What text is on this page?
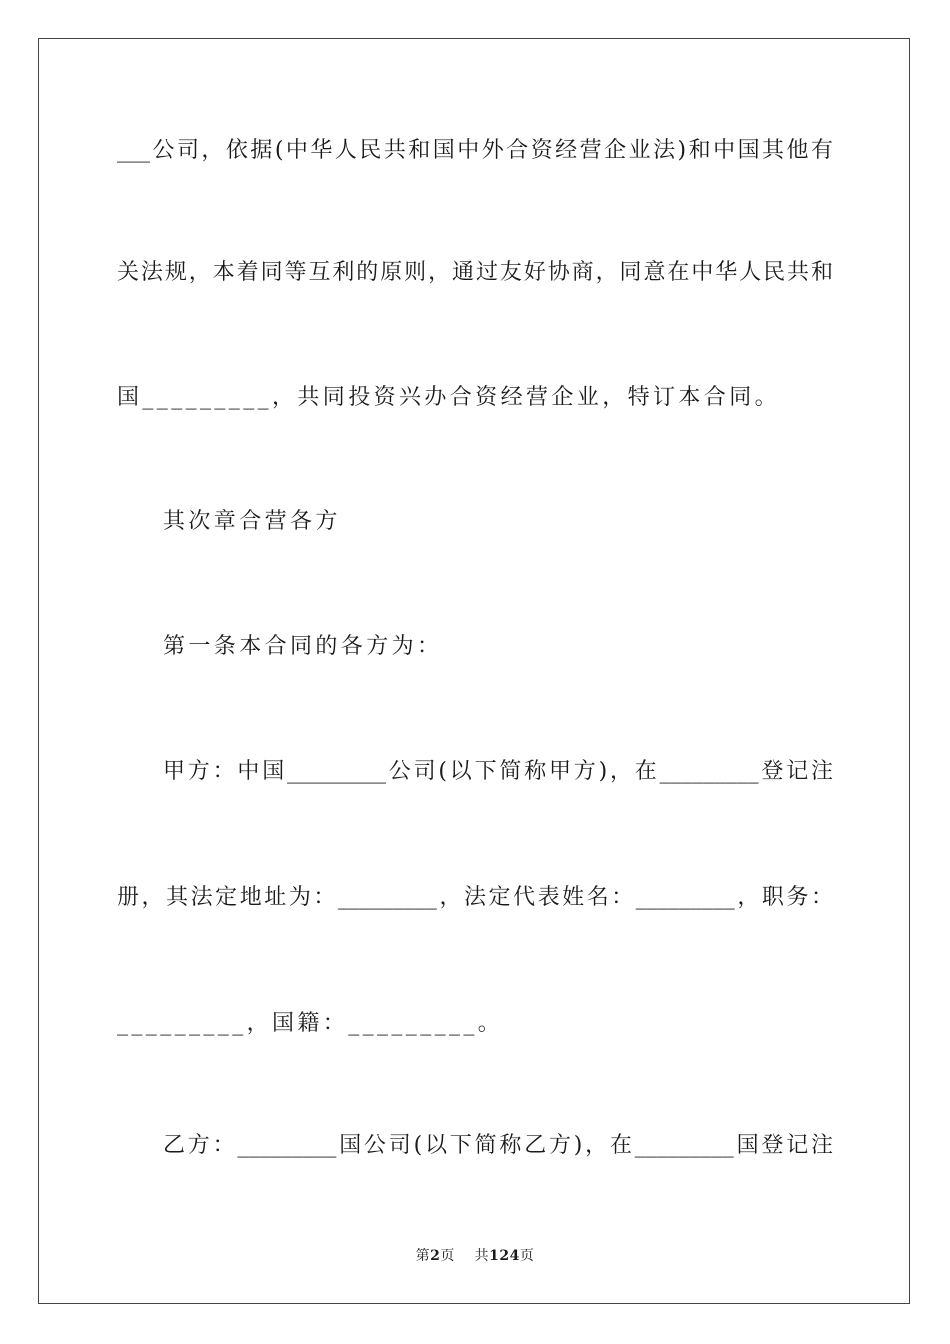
___公司，依据(中华人民共和国中外合资经营企业法)和中国其他有
关法规，本着同等互利的原则，通过友好协商，同意在中华人民共和
国_________，共同投资兴办合资经营企业，特订本合同。
其次章合营各方
第一条本合同的各方为：
甲方：中国_________公司(以下简称甲方)，在_________登记注
册，其法定地址为：_________，法定代表姓名：_________，职务：
_________，国籍：_________。
乙方：_________国公司(以下简称乙方)，在_________国登记注
第2页 共124页
